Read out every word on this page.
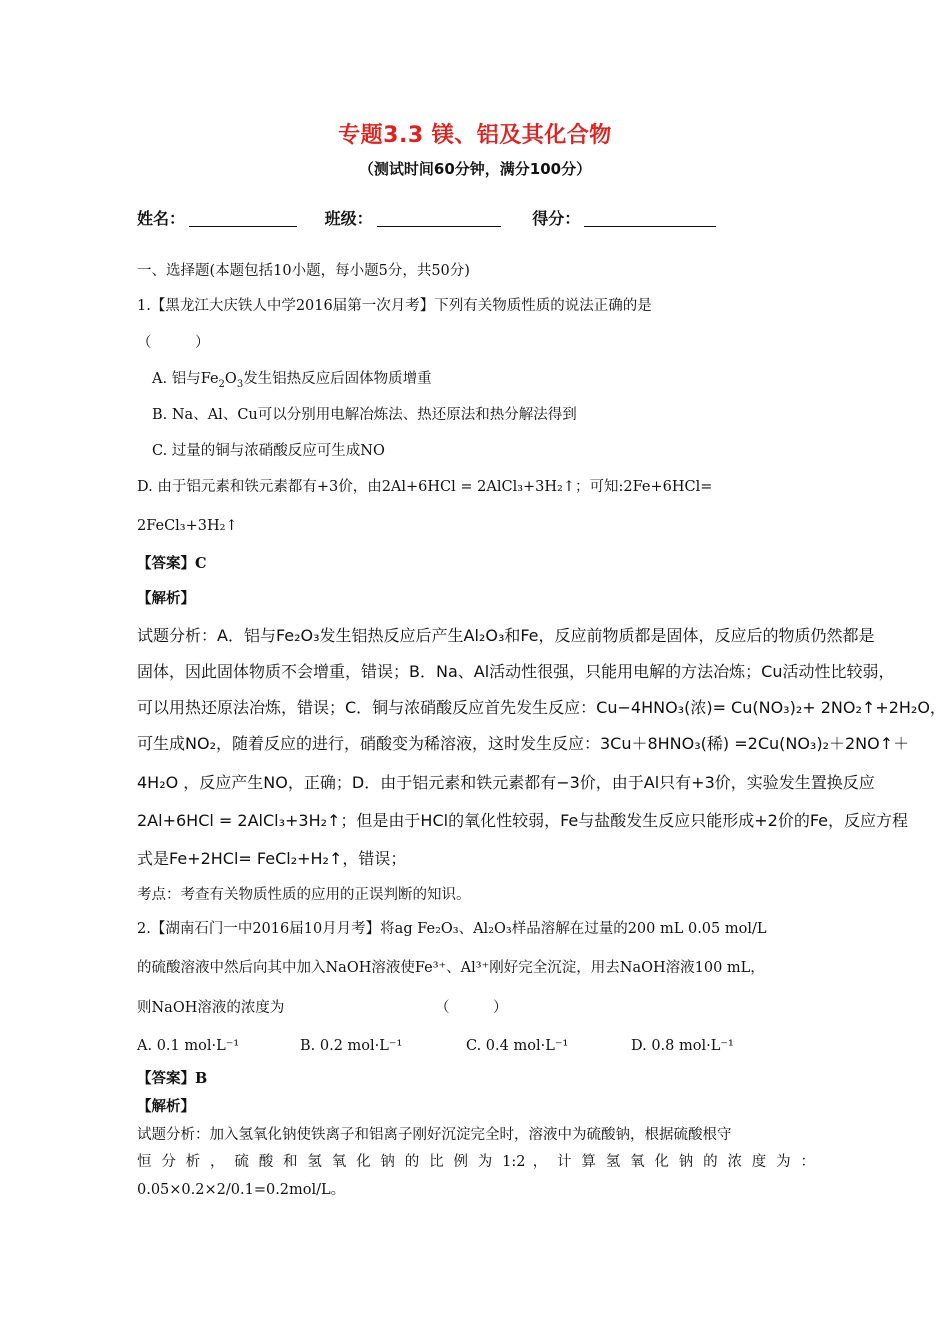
专题3.3 镁、铝及其化合物
（测试时间60分钟，满分100分）
姓名：	班级：	得分：
一、选择题(本题包括10小题，每小题5分，共50分)
1.【黑龙江大庆铁人中学2016届第一次月考】下列有关物质性质的说法正确的是
（　　　）
A. 铝与$Fe_2O_3$发生铝热反应后固体物质增重
B. Na、Al、Cu可以分别用电解冶炼法、热还原法和热分解法得到
C. 过量的铜与浓硝酸反应可生成NO
D. 由于铝元素和铁元素都有+3价，由2Al+6HCl = 2AlCl₃+3H₂↑；可知:2Fe+6HCl=
2FeCl₃+3H₂↑
【答案】C
【解析】
试题分析：A．铝与Fe₂O₃发生铝热反应后产生Al₂O₃和Fe，反应前物质都是固体，反应后的物质仍然都是
固体，因此固体物质不会增重，错误；B．Na、Al活动性很强，只能用电解的方法冶炼；Cu活动性比较弱，
可以用热还原法冶炼，错误；C．铜与浓硝酸反应首先发生反应：Cu−4HNO₃(浓)= Cu(NO₃)₂+ 2NO₂↑+2H₂O，
可生成NO₂，随着反应的进行，硝酸变为稀溶液，这时发生反应：3Cu＋8HNO₃(稀) =2Cu(NO₃)₂＋2NO↑＋
4H₂O ，反应产生NO，正确；D．由于铝元素和铁元素都有−3价，由于Al只有+3价，实验发生置换反应
2Al+6HCl = 2AlCl₃+3H₂↑；但是由于HCl的氧化性较弱，Fe与盐酸发生反应只能形成+2价的Fe，反应方程
式是Fe+2HCl= FeCl₂+H₂↑，错误；
考点：考查有关物质性质的应用的正误判断的知识。
2.【湖南石门一中2016届10月月考】将ag Fe₂O₃、Al₂O₃样品溶解在过量的200 mL 0.05 mol/L
的硫酸溶液中然后向其中加入NaOH溶液使Fe³⁺、Al³⁺刚好完全沉淀，用去NaOH溶液100 mL，
则NaOH溶液的浓度为	（　　　）
A. 0.1 mol·L⁻¹	B. 0.2 mol·L⁻¹	C. 0.4 mol·L⁻¹	D. 0.8 mol·L⁻¹
【答案】B
【解析】
试题分析：加入氢氧化钠使铁离子和铝离子刚好沉淀完全时，溶液中为硫酸钠，根据硫酸根守
恒 分 析 ， 硫 酸 和 氢 氧 化 钠 的 比 例 为 1:2 ， 计 算 氢 氧 化 钠 的 浓 度 为 ：
0.05×0.2×2/0.1=0.2mol/L。
